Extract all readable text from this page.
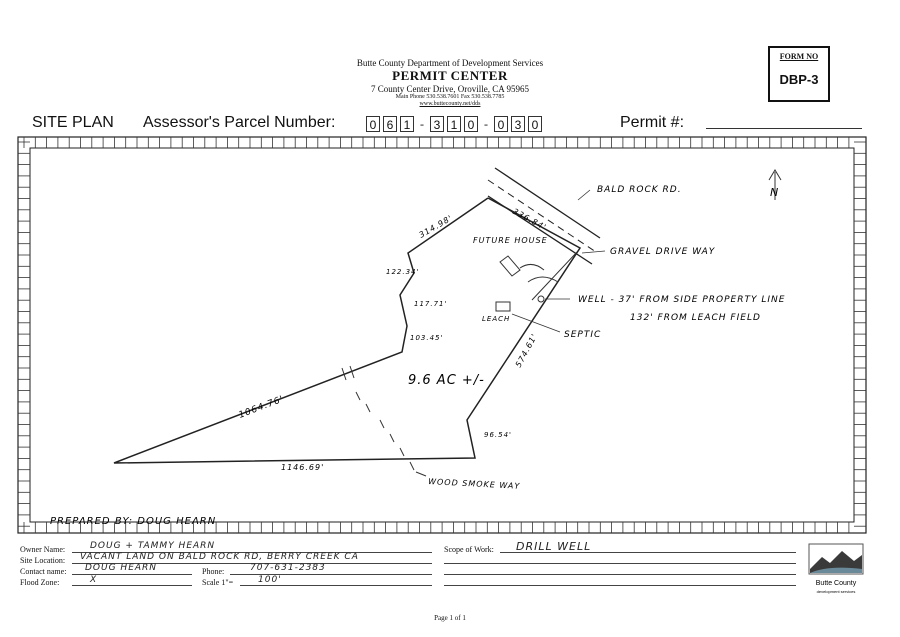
Butte County Department of Development Services
PERMIT CENTER
7 County Center Drive, Oroville, CA 95965
Main Phone 530.538.7601 Fax 530.538.7785
www.buttecounty.net/dds
FORM NO
DBP-3
SITE PLAN Assessor's Parcel Number:	0 6 1 - 3 1 0 - 0 3 0	Permit #:
BALD ROCK RD.	N
FUTURE HOUSE
GRAVEL DRIVE WAY
WELL - 37' FROM SIDE PROPERTY LINE
132' FROM LEACH FIELD
LEACH
SEPTIC
9.6 AC +/-
314.98'	336.84'
122.34'
117.71'
103.45'	574.61'
1064.76'
1146.69'
96.54'
WOOD SMOKE WAY
PREPARED BY: DOUG HEARN
Owner Name:	DOUG + TAMMY HEARN
Site Location: VACANT LAND ON BALD ROCK RD, BERRY CREEK CA
Contact name: DOUG HEARN	Phone:	707-631-2383
Flood Zone:	X	Scale 1"=	100'
Scope of Work: DRILL WELL
Butte County
development services
Page 1 of 1
